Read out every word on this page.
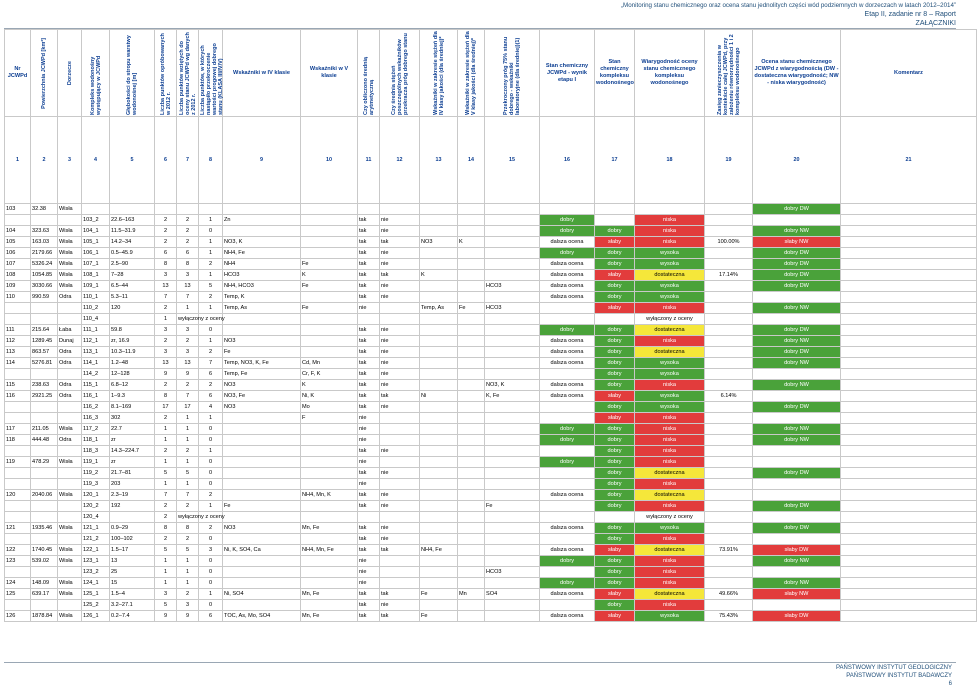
„Monitoring stanu chemicznego oraz ocena stanu jednolitych części wód podziemnych w dorzeczach w latach 2012–2014”
Etap II, zadanie nr 8 – Raport
ZAŁĄCZNIKI
Nr JCWPd	Powierzchnia JCWPd [km²]	Dorzecze	Kompleks wodonośny występujący w JCWPd	Głębokości do stropu warstwy wodonośnej [m]	Liczba punktów opróbowanych w 2012 r.	Liczba punktów wziętych do oceny stanu JCWPd wg danych z 2012 r.	Liczba punktów, w których nastąpiło przekroczenie wartości progowej dobrego stanu (KLASA III/IV/V)	Wskaźniki w IV klasie	Wskaźniki w V klasie	Czy obliczono średnią arytmetyczną	Czy średnia stężeń poszczególnych wskaźników przekracza próg dobrego stanu	Wskaźniki w zakresie stężeń dla IV klasy jakości (dla średniej)*	Wskaźniki w zakresie stężeń dla V klasy jakości (dla średniej)*	Przekroczony próg 75% stanu dobrego - wskaźniki laboratoryjne (dla średniej)(1)	Stan chemiczny JCWPd - wynik etapu I	Stan chemiczny kompleksu wodonośnego	Wiarygodność oceny stanu chemicznego kompleksu wodonośnego	Zasięg zanieczyszczenia w kontekście całej JCWPd, przy założeniu równorzędności 1 i 2 kompleksu wodonośnego	Ocena stanu chemicznego JCWPd z wiarygodnością (DW - dostateczna wiarygodność; NW - niska wiarygodność)	Komentarz

1	2	3	4	5	6	7	8	9	10	11	12	13	14	15	16	17	18	19	20	21
103	32.38	Wisła																	dobry DW	
			103_2	22.6–163	2	2	1	Zn		tak	nie				dobry		niska			
104	323.63	Wisła	104_1	11.5–31.9	2	2	0			tak	nie				dobry	dobry	niska		dobry NW	
105	163.03	Wisła	105_1	14.2–34	2	2	1	NO3, K		tak	tak	NO3	K		dalsza ocena	słaby	niska	100.00%	słaby NW	
106	2179.66	Wisła	106_1	0.5–45.9	6	6	1	NH4, Fe		tak	nie				dobry	dobry	wysoka		dobry DW	
107	5326.24	Wisła	107_1	2.5–90	8	8	2	NH4	Fe	tak	nie				dalsza ocena	dobry	wysoka		dobry DW	
108	1054.85	Wisła	108_1	7–28	3	3	1	HCO3	K	tak	tak	K			dalsza ocena	słaby	dostateczna	17.14%	dobry DW	
109	3030.66	Wisła	109_1	6.5–44	13	13	5	NH4, HCO3	Fe	tak	nie			HCO3	dalsza ocena	dobry	wysoka		dobry DW	
110	990.59	Odra	110_1	5.3–11	7	7	2	Temp, K		tak	nie				dalsza ocena	dobry	wysoka			
			110_2	120	2	1	1	Temp, As	Fe	nie		Temp, As	Fe	HCO3		słaby	niska		dobry NW	
			110_4		1	wyłączony z oceny											wyłączony z oceny			
111	215.64	Łaba	111_1	59.8	3	3	0			tak	nie				dobry	dobry	dostateczna		dobry DW	
112	1289.45	Dunaj	112_1	zr, 16.9	2	2	1	NO3		tak	nie				dalsza ocena	dobry	niska		dobry NW	
113	863.57	Odra	113_1	10.3–11.9	3	3	2	Fe		tak	nie				dalsza ocena	dobry	dostateczna		dobry DW	
114	5276.81	Odra	114_1	1.2–48	13	13	7	Temp, NO3, K, Fe	Cd, Mn	tak	nie				dalsza ocena	dobry	wysoka		dobry NW	
			114_2	12–128	9	9	6	Temp, Fe	Cr, F, K	tak	nie					dobry	wysoka			
115	238.63	Odra	115_1	6.8–12	2	2	2	NO3	K	tak	nie			NO3, K	dalsza ocena	dobry	niska		dobry NW	
116	2921.25	Odra	116_1	1–9.3	8	7	6	NO3, Fe	Ni, K	tak	tak	Ni		K, Fe	dalsza ocena	słaby	wysoka	6.14%		
			116_2	8.1–169	17	17	4	NO3	Mo	tak	nie					dobry	wysoka		dobry DW	
			116_3	302	2	1	1		F	nie						słaby	niska			
117	211.05	Wisła	117_2	22.7	1	1	0			nie					dobry	dobry	niska		dobry NW	
118	444.48	Odra	118_1	zr	1	1	0			nie					dobry	dobry	niska		dobry NW	
			118_3	14.3–224.7	2	2	1			tak	nie					dobry	niska			
119	478.29	Wisła	119_1	zr	1	1	0			nie					dobry	dobry	niska			
			119_2	21.7–81	5	5	0			tak	nie					dobry	dostateczna		dobry DW	
			119_3	203	1	1	0			nie						dobry	niska			
120	2040.06	Wisła	120_1	2.3–19	7	7	2		NH4, Mn, K	tak	nie				dalsza ocena	dobry	dostateczna			
			120_2	192	2	2	1	Fe		tak	nie			Fe		dobry	niska		dobry DW	
			120_4		2	wyłączony z oceny											wyłączony z oceny			
121	1935.46	Wisła	121_1	0.9–29	8	8	2	NO3	Mn, Fe	tak	nie				dalsza ocena	dobry	wysoka		dobry DW	
			121_2	100–102	2	2	0			tak	nie					dobry	niska			
122	1740.45	Wisła	122_1	1.5–17	5	5	3	Ni, K, SO4, Ca	NH4, Mn, Fe	tak	tak	NH4, Fe			dalsza ocena	słaby	dostateczna	73.91%	słaby DW	
123	539.02	Wisła	123_1	13	1	1	0			nie					dobry	dobry	niska		dobry NW	
			123_2	25	1	1	0			nie				HCO3		dobry	niska			
124	148.09	Wisła	124_1	15	1	1	0			nie					dobry	dobry	niska		dobry NW	
125	639.17	Wisła	125_1	1.5–4	3	2	1	Ni, SO4	Mn, Fe	tak	tak	Fe	Mn	SO4	dalsza ocena	słaby	dostateczna	49.66%	słaby NW	
			125_2	3.2–27.1	5	3	0			tak	nie					dobry	niska			
126	1878.84	Wisła	126_1	0.2–7.4	9	9	6	TOC, As, Mo, SO4	Mn, Fe	tak	tak	Fe			dalsza ocena	słaby	wysoka	75.43%	słaby DW	
PAŃSTWOWY INSTYTUT GEOLOGICZNY
PAŃSTWOWY INSTYTUT BADAWCZY
6
